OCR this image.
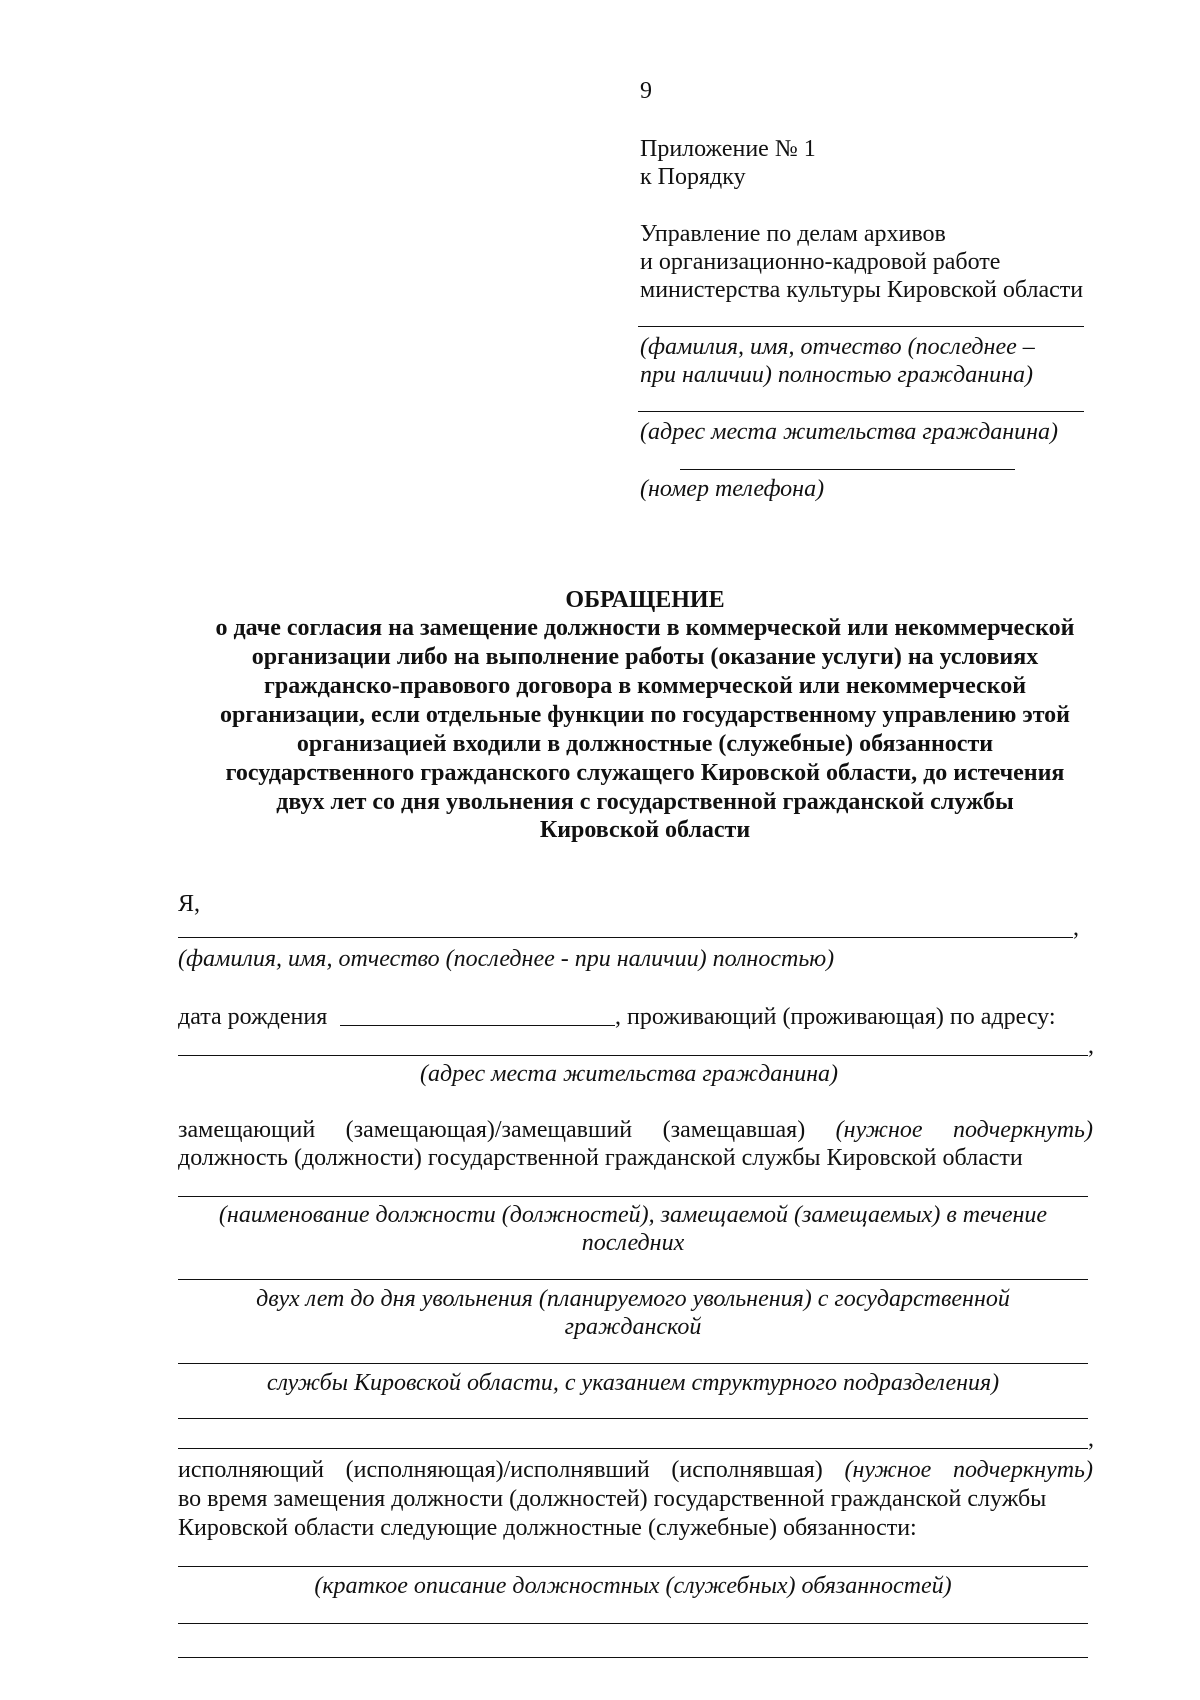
9
Приложение № 1
к Порядку
Управление по делам архивов
и организационно-кадровой работе
министерства культуры Кировской области
(фамилия, имя, отчество (последнее –
при наличии) полностью гражданина)
(адрес места жительства гражданина)
(номер телефона)
ОБРАЩЕНИЕ
о даче согласия на замещение должности в коммерческой или некоммерческой
организации либо на выполнение работы (оказание услуги) на условиях
гражданско-правового договора в коммерческой или некоммерческой
организации, если отдельные функции по государственному управлению этой
организацией входили в должностные (служебные) обязанности
государственного гражданского служащего Кировской области, до истечения
двух лет со дня увольнения с государственной гражданской службы
Кировской области
Я,
,
(фамилия, имя, отчество (последнее - при наличии) полностью)
дата рождения	, проживающий (проживающая) по адресу:
,
(адрес места жительства гражданина)
замещающий (замещающая)/замещавший (замещавшая) (нужное подчеркнуть)
должность (должности) государственной гражданской службы Кировской области
(наименование должности (должностей), замещаемой (замещаемых) в течение
последних
двух лет до дня увольнения (планируемого увольнения) с государственной
гражданской
службы Кировской области, с указанием структурного подразделения)
,
исполняющий (исполняющая)/исполнявший (исполнявшая) (нужное подчеркнуть)
во время замещения должности (должностей) государственной гражданской службы
Кировской области следующие должностные (служебные) обязанности:
(краткое описание должностных (служебных) обязанностей)
